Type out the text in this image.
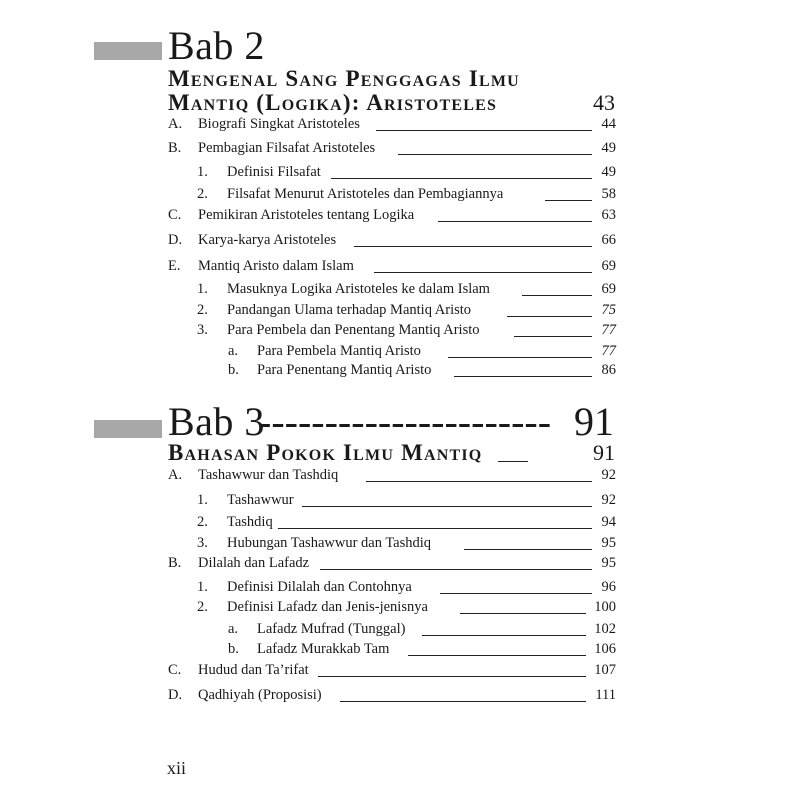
Bab 2
Mengenal Sang Penggagas Ilmu
Mantiq (Logika): Aristoteles	43
A. Biografi Singkat Aristoteles	44
B. Pembagian Filsafat Aristoteles	49
1. Definisi Filsafat	49
2. Filsafat Menurut Aristoteles dan Pembagiannya	58
C. Pemikiran Aristoteles tentang Logika	63
D. Karya-karya Aristoteles	66
E. Mantiq Aristo dalam Islam	69
1. Masuknya Logika Aristoteles ke dalam Islam	69
2. Pandangan Ulama terhadap Mantiq Aristo	75
3. Para Pembela dan Penentang Mantiq Aristo	77
a. Para Pembela Mantiq Aristo	77
b. Para Penentang Mantiq Aristo	86
Bab 3
---------------------- 91
Bahasan Pokok Ilmu Mantiq	91
A. Tashawwur dan Tashdiq	92
1. Tashawwur	92
2. Tashdiq	94
3. Hubungan Tashawwur dan Tashdiq	95
B. Dilalah dan Lafadz	95
1. Definisi Dilalah dan Contohnya	96
2. Definisi Lafadz dan Jenis-jenisnya	100
a. Lafadz Mufrad (Tunggal)	102
b. Lafadz Murakkab Tam	106
C. Hudud dan Ta’rifat	107
D. Qadhiyah (Proposisi)	111
xii
